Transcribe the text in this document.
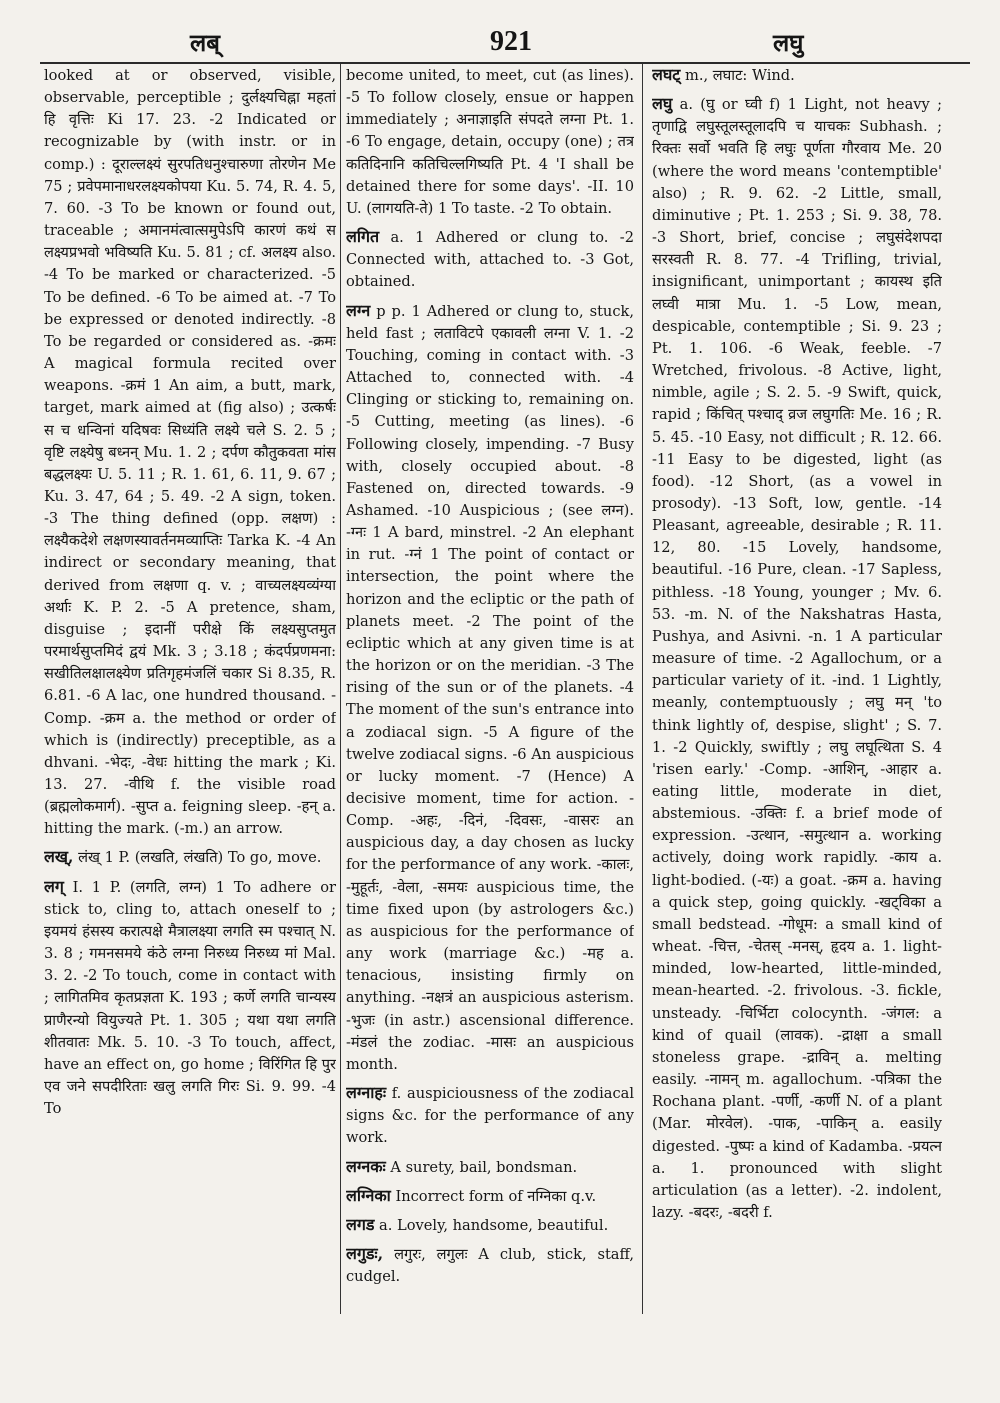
लब्	921	लघु

looked at or observed, visible, observable, perceptible ; दुर्लक्ष्यचिह्ना महतां हि वृत्तिः Ki 17. 23. -2 Indicated or recognizable by (with instr. or in comp.) : दूराल्लक्ष्यं सुरपतिधनुश्चारुणा तोरणेन Me 75 ; प्रवेपमानाधरलक्ष्यकोपया Ku. 5. 74, R. 4. 5, 7. 60. -3 To be known or found out, traceable ; अमानमंत्वात्समुपेऽपि कारणं कथं स लक्ष्यप्रभवो भविष्यति Ku. 5. 81 ; cf. अलक्ष्य also. -4 To be marked or characterized. -5 To be defined. -6 To be aimed at. -7 To be expressed or denoted indirectly. -8 To be regarded or considered as. -क्रमः A magical formula recited over weapons. -क्रमं 1 An aim, a butt, mark, target, mark aimed at (fig also) ; उत्कर्षः स च धन्विनां यदिषवः सिध्यंति लक्ष्ये चले S. 2. 5 ; वृष्टि लक्ष्येषु बध्नन् Mu. 1. 2 ; दर्पण कौतुकवता मांस बद्धलक्ष्यः U. 5. 11 ; R. 1. 61, 6. 11, 9. 67 ; Ku. 3. 47, 64 ; 5. 49. -2 A sign, token. -3 The thing defined (opp. लक्षण) : लक्ष्यैकदेशे लक्षणस्यावर्तनमव्याप्तिः Tarka K. -4 An indirect or secondary meaning, that derived from लक्षणा q. v. ; वाच्यलक्ष्यव्यंग्या अर्थाः K. P. 2. -5 A pretence, sham, disguise ; इदानीं परीक्षे किं लक्ष्यसुप्तमुत परमार्थसुप्तमिदं द्वयं Mk. 3 ; 3.18 ; कंदर्पप्रणमना: सखीतिलक्षालक्ष्येण प्रतिगृहमंजलिं चकार Si 8.35, R. 6.81. -6 A lac, one hundred thousand. -Comp. -क्रम a. the method or order of which is (indirectly) preceptible, as a dhvani. -भेदः, -वेधः hitting the mark ; Ki. 13. 27. -वीथि f. the visible road (ब्रह्मलोकमार्ग). -सुप्त a. feigning sleep. -हन् a. hitting the mark. (-m.) an arrow.

लख्, लंख् 1 P. (लखति, लंखति) To go, move.

लग् I. 1 P. (लगति, लग्न) 1 To adhere or stick to, cling to, attach oneself to ; इयमयं हंसस्य करात्पक्षे मैत्रालक्ष्या लगति स्म पश्चात् N. 3. 8 ; गमनसमये कंठे लग्ना निरुध्य निरुध्य मां Mal. 3. 2. -2 To touch, come in contact with ; लागितमिव कृतप्रज्ञता K. 193 ; कर्णे लगति चान्यस्य प्राणैरन्यो वियुज्यते Pt. 1. 305 ; यथा यथा लगति शीतवातः Mk. 5. 10. -3 To touch, affect, have an effect on, go home ; विरिंगित हि पुर एव जने सपदीरिताः खलु लगति गिरः Si. 9. 99. -4 To

become united, to meet, cut (as lines). -5 To follow closely, ensue or happen immediately ; अनाज्ञाइति संपदते लग्ना Pt. 1. -6 To engage, detain, occupy (one) ; तत्र कतिदिनानि कतिचिल्लगिष्यति Pt. 4 'I shall be detained there for some days'. -II. 10 U. (लागयति-ते) 1 To taste. -2 To obtain.

लगित a. 1 Adhered or clung to. -2 Connected with, attached to. -3 Got, obtained.

लग्न p p. 1 Adhered or clung to, stuck, held fast ; लताविटपे एकावली लग्ना V. 1. -2 Touching, coming in contact with. -3 Attached to, connected with. -4 Clinging or sticking to, remaining on. -5 Cutting, meeting (as lines). -6 Following closely, impending. -7 Busy with, closely occupied about. -8 Fastened on, directed towards. -9 Ashamed. -10 Auspicious ; (see लग्न). -ग्नः 1 A bard, minstrel. -2 An elephant in rut. -ग्नं 1 The point of contact or intersection, the point where the horizon and the ecliptic or the path of planets meet. -2 The point of the ecliptic which at any given time is at the horizon or on the meridian. -3 The rising of the sun or of the planets. -4 The moment of the sun's entrance into a zodiacal sign. -5 A figure of the twelve zodiacal signs. -6 An auspicious or lucky moment. -7 (Hence) A decisive moment, time for action. -Comp. -अहः, -दिनं, -दिवसः, -वासरः an auspicious day, a day chosen as lucky for the performance of any work. -कालः, -मुहूर्तः, -वेला, -समयः auspicious time, the time fixed upon (by astrologers &c.) as auspicious for the performance of any work (marriage &c.) -मह a. tenacious, insisting firmly on anything. -नक्षत्रं an auspicious asterism. -भुजः (in astr.) ascensional difference. -मंडलं the zodiac. -मासः an auspicious month.

लग्नाहः f. auspiciousness of the zodiacal signs &c. for the performance of any work.

लग्नकः A surety, bail, bondsman.

लग्निका Incorrect form of नग्निका q.v.

लगड a. Lovely, handsome, beautiful.

लगुडः, लगुरः, लगुलः A club, stick, staff, cudgel.

लघट् m., लघाट: Wind.

लघु a. (घु or घ्वी f) 1 Light, not heavy ; तृणाद्वि लघुस्तूलस्तूलादपि च याचकः Subhash. ; रिक्तः सर्वो भवति हि लघुः पूर्णता गौरवाय Me. 20 (where the word means 'contemptible' also) ; R. 9. 62. -2 Little, small, diminutive ; Pt. 1. 253 ; Si. 9. 38, 78. -3 Short, brief, concise ; लघुसंदेशपदा सरस्वती R. 8. 77. -4 Trifling, trivial, insignificant, unimportant ; कायस्थ इति लघ्वी मात्रा Mu. 1. -5 Low, mean, despicable, contemptible ; Si. 9. 23 ; Pt. 1. 106. -6 Weak, feeble. -7 Wretched, frivolous. -8 Active, light, nimble, agile ; S. 2. 5. -9 Swift, quick, rapid ; किंचित् पश्चाद् व्रज लघुगतिः Me. 16 ; R. 5. 45. -10 Easy, not difficult ; R. 12. 66. -11 Easy to be digested, light (as food). -12 Short, (as a vowel in prosody). -13 Soft, low, gentle. -14 Pleasant, agreeable, desirable ; R. 11. 12, 80. -15 Lovely, handsome, beautiful. -16 Pure, clean. -17 Sapless, pithless. -18 Young, younger ; Mv. 6. 53. -m. N. of the Nakshatras Hasta, Pushya, and Asivni. -n. 1 A particular measure of time. -2 Agallochum, or a particular variety of it. -ind. 1 Lightly, meanly, contemptuously ; लघु मन् 'to think lightly of, despise, slight' ; S. 7. 1. -2 Quickly, swiftly ; लघु लघूत्थिता S. 4 'risen early.' -Comp. -आशिन्, -आहार a. eating little, moderate in diet, abstemious. -उक्तिः f. a brief mode of expression. -उत्थान, -समुत्थान a. working actively, doing work rapidly. -काय a. light-bodied. (-यः) a goat. -क्रम a. having a quick step, going quickly. -खट्विका a small bedstead. -गोधूम: a small kind of wheat. -चित्त, -चेतस् -मनस्, हृदय a. 1. light-minded, low-hearted, little-minded, mean-hearted. -2. frivolous. -3. fickle, unsteady. -चिर्भिटा colocynth. -जंगल: a kind of quail (लावक). -द्राक्षा a small stoneless grape. -द्राविन् a. melting easily. -नामन् m. agallochum. -पत्रिका the Rochana plant. -पर्णी, -कर्णी N. of a plant (Mar. मोरवेल). -पाक, -पाकिन् a. easily digested. -पुष्पः a kind of Kadamba. -प्रयत्न a. 1. pronounced with slight articulation (as a letter). -2. indolent, lazy. -बदरः, -बदरी f.
